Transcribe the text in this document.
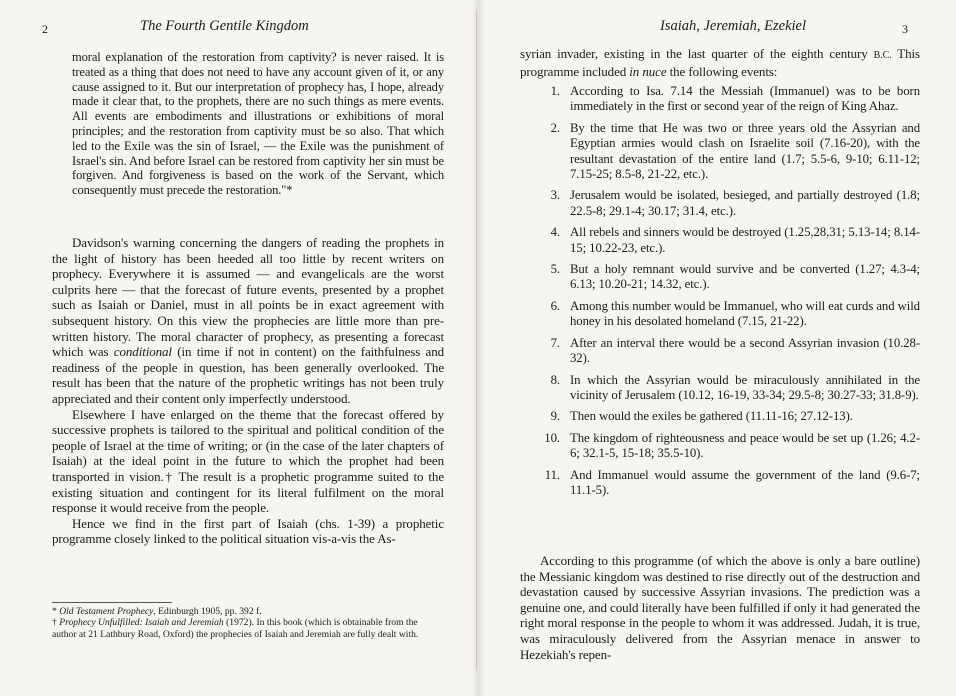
2	The Fourth Gentile Kingdom

moral explanation of the restoration from captivity? is never raised. It is treated as a thing that does not need to have any account given of it, or any cause assigned to it. But our interpretation of prophecy has, I hope, already made it clear that, to the prophets, there are no such things as mere events. All events are embodiments and illustrations or exhibitions of moral principles; and the restoration from captivity must be so also. That which led to the Exile was the sin of Israel, — the Exile was the punishment of Israel's sin. And before Israel can be restored from captivity her sin must be forgiven. And forgiveness is based on the work of the Servant, which consequently must precede the restoration."*

Davidson's warning concerning the dangers of reading the prophets in the light of history has been heeded all too little by recent writers on prophecy. Everywhere it is assumed — and evangelicals are the worst culprits here — that the forecast of future events, presented by a prophet such as Isaiah or Daniel, must in all points be in exact agreement with subsequent history. On this view the prophecies are little more than pre-written history. The moral character of prophecy, as presenting a forecast which was conditional (in time if not in content) on the faithfulness and readiness of the people in question, has been generally overlooked. The result has been that the nature of the prophetic writings has not been truly appreciated and their content only imperfectly understood.

Elsewhere I have enlarged on the theme that the forecast offered by successive prophets is tailored to the spiritual and political condition of the people of Israel at the time of writing; or (in the case of the later chapters of Isaiah) at the ideal point in the future to which the prophet had been transported in vision.† The result is a prophetic programme suited to the existing situation and contingent for its literal fulfilment on the moral response it would receive from the people.

Hence we find in the first part of Isaiah (chs. 1-39) a prophetic programme closely linked to the political situation vis-a-vis the As-

* Old Testament Prophecy, Edinburgh 1905, pp. 392 f.

† Prophecy Unfulfilled: Isaiah and Jeremiah (1972). In this book (which is obtainable from the author at 21 Lathbury Road, Oxford) the prophecies of Isaiah and Jeremiah are fully dealt with.

Isaiah, Jeremiah, Ezekiel	3

syrian invader, existing in the last quarter of the eighth century B.C. This programme included in nuce the following events:

1. According to Isa. 7.14 the Messiah (Immanuel) was to be born immediately in the first or second year of the reign of King Ahaz.
2. By the time that He was two or three years old the Assyrian and Egyptian armies would clash on Israelite soil (7.16-20), with the resultant devastation of the entire land (1.7; 5.5-6, 9-10; 6.11-12; 7.15-25; 8.5-8, 21-22, etc.).
3. Jerusalem would be isolated, besieged, and partially destroyed (1.8; 22.5-8; 29.1-4; 30.17; 31.4, etc.).
4. All rebels and sinners would be destroyed (1.25,28,31; 5.13-14; 8.14-15; 10.22-23, etc.).
5. But a holy remnant would survive and be converted (1.27; 4.3-4; 6.13; 10.20-21; 14.32, etc.).
6. Among this number would be Immanuel, who will eat curds and wild honey in his desolated homeland (7.15, 21-22).
7. After an interval there would be a second Assyrian invasion (10.28-32).
8. In which the Assyrian would be miraculously annihilated in the vicinity of Jerusalem (10.12, 16-19, 33-34; 29.5-8; 30.27-33; 31.8-9).
9. Then would the exiles be gathered (11.11-16; 27.12-13).
10. The kingdom of righteousness and peace would be set up (1.26; 4.2-6; 32.1-5, 15-18; 35.5-10).
11. And Immanuel would assume the government of the land (9.6-7; 11.1-5).

According to this programme (of which the above is only a bare outline) the Messianic kingdom was destined to rise directly out of the destruction and devastation caused by successive Assyrian invasions. The prediction was a genuine one, and could literally have been fulfilled if only it had generated the right moral response in the people to whom it was addressed. Judah, it is true, was miraculously delivered from the Assyrian menace in answer to Hezekiah's repen-
